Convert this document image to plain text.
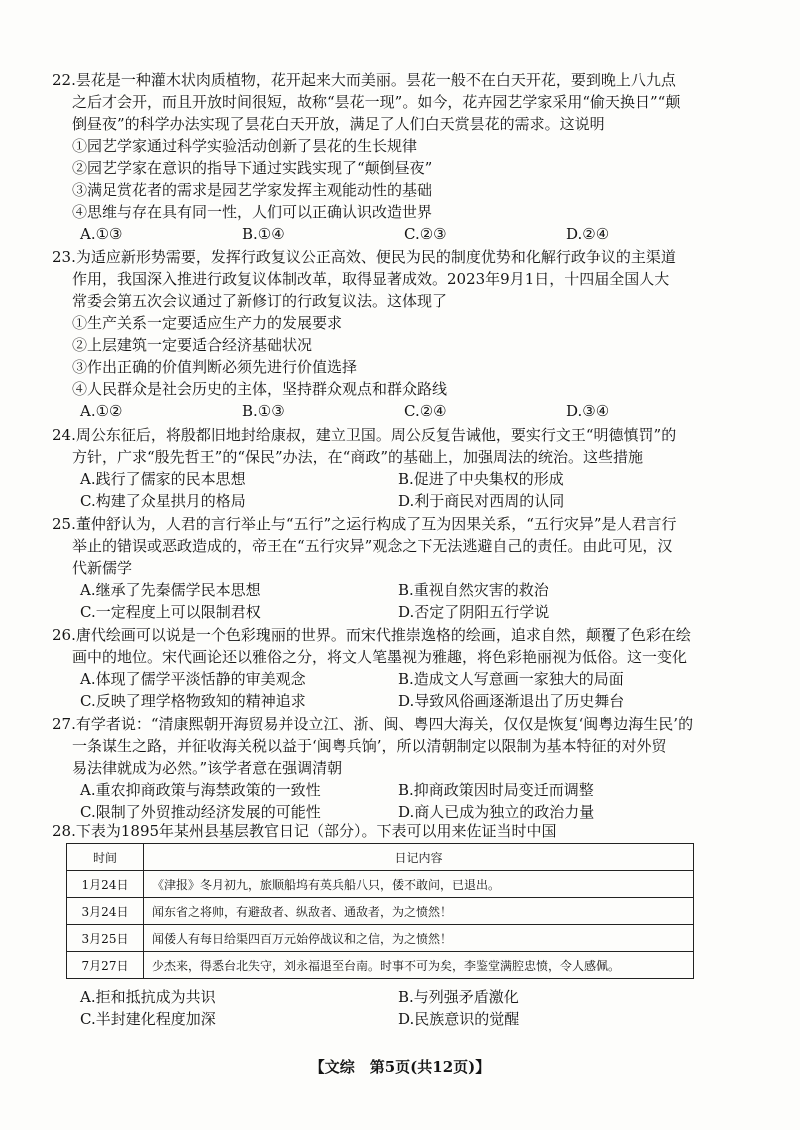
22.昙花是一种灌木状肉质植物，花开起来大而美丽。昙花一般不在白天开花，要到晚上八九点
之后才会开，而且开放时间很短，故称“昙花一现”。如今，花卉园艺学家采用“偷天换日”“颠
倒昼夜”的科学办法实现了昙花白天开放，满足了人们白天赏昙花的需求。这说明
①园艺学家通过科学实验活动创新了昙花的生长规律
②园艺学家在意识的指导下通过实践实现了“颠倒昼夜”
③满足赏花者的需求是园艺学家发挥主观能动性的基础
④思维与存在具有同一性，人们可以正确认识改造世界
A.①③	B.①④	C.②③	D.②④
23.为适应新形势需要，发挥行政复议公正高效、便民为民的制度优势和化解行政争议的主渠道
作用，我国深入推进行政复议体制改革，取得显著成效。2023年9月1日，十四届全国人大
常委会第五次会议通过了新修订的行政复议法。这体现了
①生产关系一定要适应生产力的发展要求
②上层建筑一定要适合经济基础状况
③作出正确的价值判断必须先进行价值选择
④人民群众是社会历史的主体，坚持群众观点和群众路线
A.①②	B.①③	C.②④	D.③④
24.周公东征后，将殷都旧地封给康叔，建立卫国。周公反复告诫他，要实行文王“明德慎罚”的
方针，广求“殷先哲王”的“保民”办法，在“商政”的基础上，加强周法的统治。这些措施
A.践行了儒家的民本思想	B.促进了中央集权的形成
C.构建了众星拱月的格局	D.利于商民对西周的认同
25.董仲舒认为，人君的言行举止与“五行”之运行构成了互为因果关系，“五行灾异”是人君言行
举止的错误或恶政造成的，帝王在“五行灾异”观念之下无法逃避自己的责任。由此可见，汉
代新儒学
A.继承了先秦儒学民本思想	B.重视自然灾害的救治
C.一定程度上可以限制君权	D.否定了阴阳五行学说
26.唐代绘画可以说是一个色彩瑰丽的世界。而宋代推崇逸格的绘画，追求自然，颠覆了色彩在绘
画中的地位。宋代画论还以雅俗之分，将文人笔墨视为雅趣，将色彩艳丽视为低俗。这一变化
A.体现了儒学平淡恬静的审美观念	B.造成文人写意画一家独大的局面
C.反映了理学格物致知的精神追求	D.导致风俗画逐渐退出了历史舞台
27.有学者说：“清康熙朝开海贸易并设立江、浙、闽、粤四大海关，仅仅是恢复‘闽粤边海生民’的
一条谋生之路，并征收海关税以益于‘闽粤兵饷’，所以清朝制定以限制为基本特征的对外贸
易法律就成为必然。”该学者意在强调清朝
A.重农抑商政策与海禁政策的一致性	B.抑商政策因时局变迁而调整
C.限制了外贸推动经济发展的可能性	D.商人已成为独立的政治力量
28.下表为1895年某州县基层教官日记（部分）。下表可以用来佐证当时中国
时间	日记内容
1月24日	《津报》冬月初九，旅顺船坞有英兵船八只，倭不敢问，已退出。
3月24日	闻东省之将帅，有避敌者、纵敌者、通敌者，为之愤然！
3月25日	闻倭人有每日给渠四百万元始停战议和之信，为之愤然！
7月27日	少杰来，得悉台北失守，刘永福退至台南。时事不可为矣，李鉴堂满腔忠愤，令人感佩。
A.拒和抵抗成为共识	B.与列强矛盾激化
C.半封建化程度加深	D.民族意识的觉醒
【文综　第5页(共12页)】
